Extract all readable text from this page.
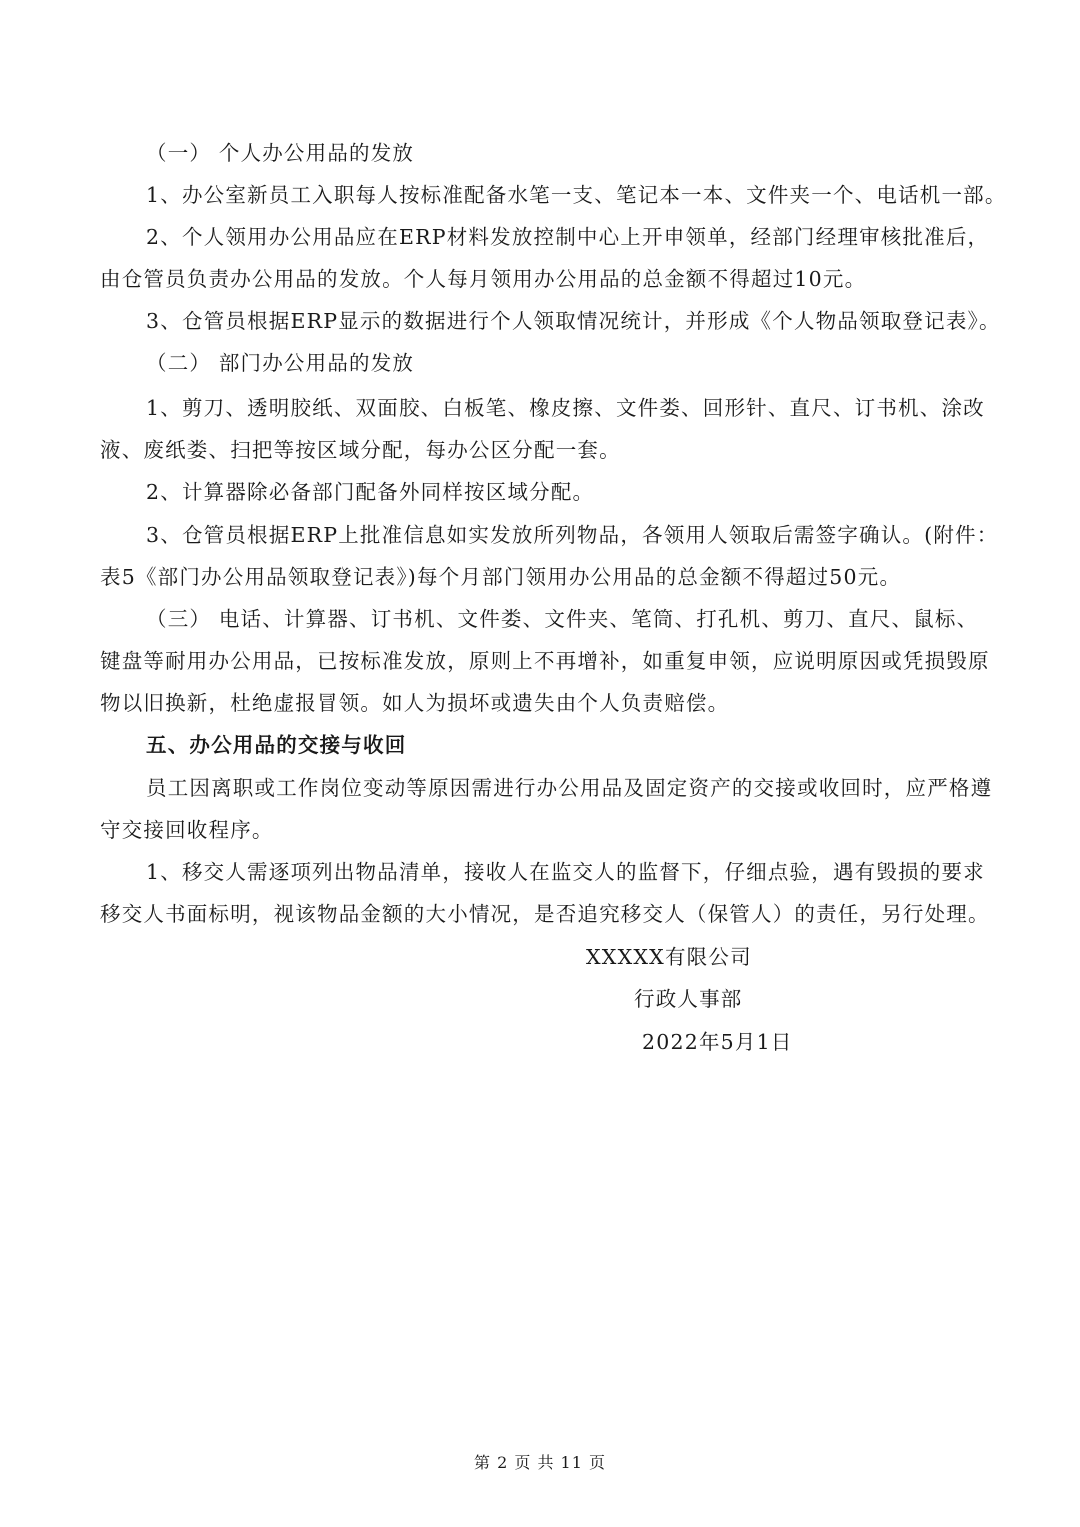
（一） 个人办公用品的发放
1、办公室新员工入职每人按标准配备水笔一支、笔记本一本、文件夹一个、电话机一部。
2、个人领用办公用品应在ERP材料发放控制中心上开申领单，经部门经理审核批准后，
由仓管员负责办公用品的发放。个人每月领用办公用品的总金额不得超过10元。
3、仓管员根据ERP显示的数据进行个人领取情况统计，并形成《个人物品领取登记表》。
（二） 部门办公用品的发放
1、剪刀、透明胶纸、双面胶、白板笔、橡皮擦、文件娄、回形针、直尺、订书机、涂改
液、废纸娄、扫把等按区域分配，每办公区分配一套。
2、计算器除必备部门配备外同样按区域分配。
3、仓管员根据ERP上批准信息如实发放所列物品，各领用人领取后需签字确认。(附件：
表5《部门办公用品领取登记表》)每个月部门领用办公用品的总金额不得超过50元。
（三） 电话、计算器、订书机、文件娄、文件夹、笔筒、打孔机、剪刀、直尺、鼠标、
键盘等耐用办公用品，已按标准发放，原则上不再增补，如重复申领，应说明原因或凭损毁原
物以旧换新，杜绝虚报冒领。如人为损坏或遗失由个人负责赔偿。
五、办公用品的交接与收回
员工因离职或工作岗位变动等原因需进行办公用品及固定资产的交接或收回时，应严格遵
守交接回收程序。
1、移交人需逐项列出物品清单，接收人在监交人的监督下，仔细点验，遇有毁损的要求
移交人书面标明，视该物品金额的大小情况，是否追究移交人（保管人）的责任，另行处理。
XXXXX有限公司
行政人事部
2022年5月1日
第 2 页 共 11 页
